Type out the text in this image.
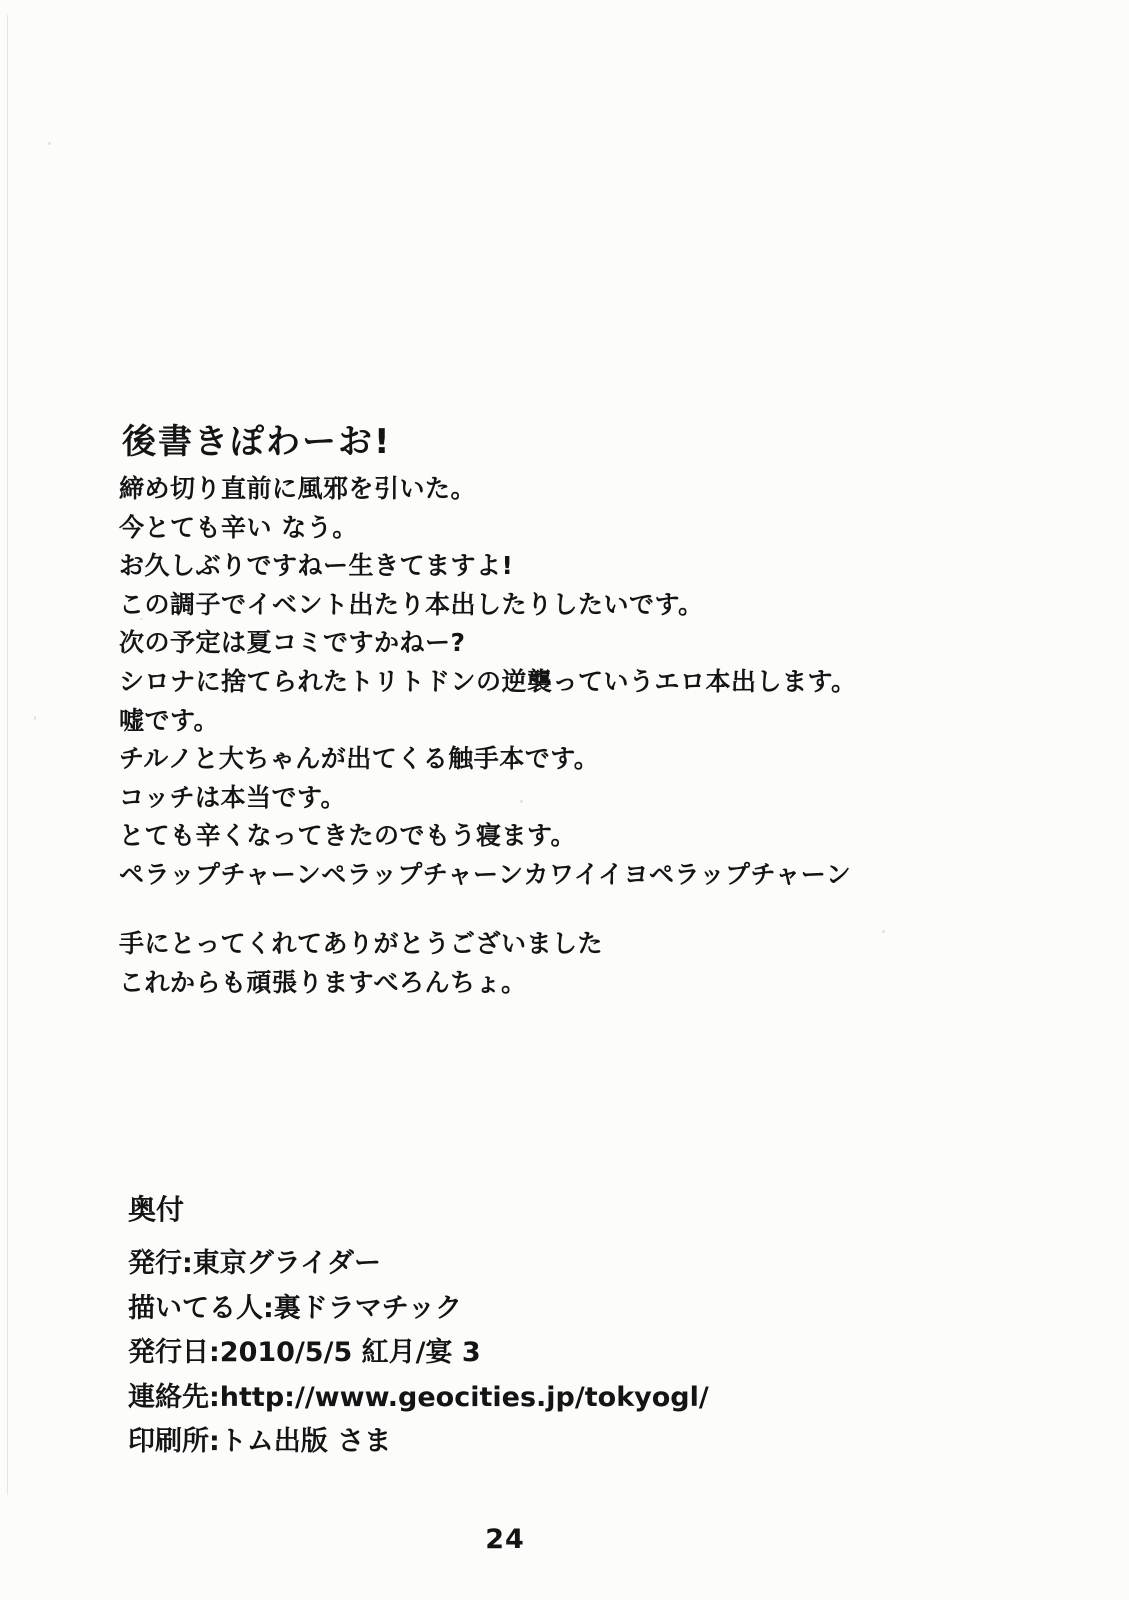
後書きぽわーお!
締め切り直前に風邪を引いた。
今とても辛い なう。
お久しぶりですねー生きてますよ!
この調子でイベント出たり本出したりしたいです。
次の予定は夏コミですかねー?
シロナに捨てられたトリトドンの逆襲っていうエロ本出します。
嘘です。
チルノと大ちゃんが出てくる触手本です。
コッチは本当です。
とても辛くなってきたのでもう寝ます。
ペラップチャーンペラップチャーンカワイイヨペラップチャーン
手にとってくれてありがとうございました
これからも頑張りますべろんちょ。
奥付
発行:東京グライダー
描いてる人:裏ドラマチック
発行日:2010/5/5 紅月/宴 3
連絡先:http://www.geocities.jp/tokyogl/
印刷所:トム出版 さま
24
